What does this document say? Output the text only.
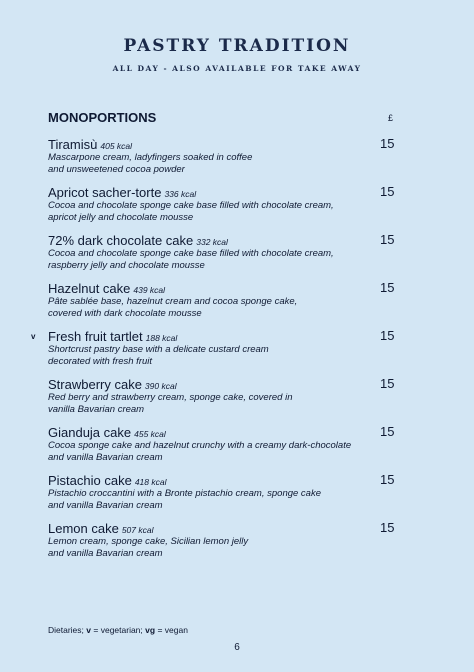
PASTRY TRADITION
ALL DAY - ALSO AVAILABLE FOR TAKE AWAY
MONOPORTIONS	£
Tiramisù 405 kcal	15
Mascarpone cream, ladyfingers soaked in coffee
and unsweetened cocoa powder
Apricot sacher-torte 336 kcal	15
Cocoa and chocolate sponge cake base filled with chocolate cream,
apricot jelly and chocolate mousse
72% dark chocolate cake 332 kcal	15
Cocoa and chocolate sponge cake base filled with chocolate cream,
raspberry jelly and chocolate mousse
Hazelnut cake 439 kcal	15
Pâte sablée base, hazelnut cream and cocoa sponge cake,
covered with dark chocolate mousse
v Fresh fruit tartlet 188 kcal	15
Shortcrust pastry base with a delicate custard cream
decorated with fresh fruit
Strawberry cake 390 kcal	15
Red berry and strawberry cream, sponge cake, covered in
vanilla Bavarian cream
Gianduja cake 455 kcal	15
Cocoa sponge cake and hazelnut crunchy with a creamy dark-chocolate
and vanilla Bavarian cream
Pistachio cake 418 kcal	15
Pistachio croccantini with a Bronte pistachio cream, sponge cake
and vanilla Bavarian cream
Lemon cake 507 kcal	15
Lemon cream, sponge cake, Sicilian lemon jelly
and vanilla Bavarian cream
Dietaries; v = vegetarian; vg = vegan
6
